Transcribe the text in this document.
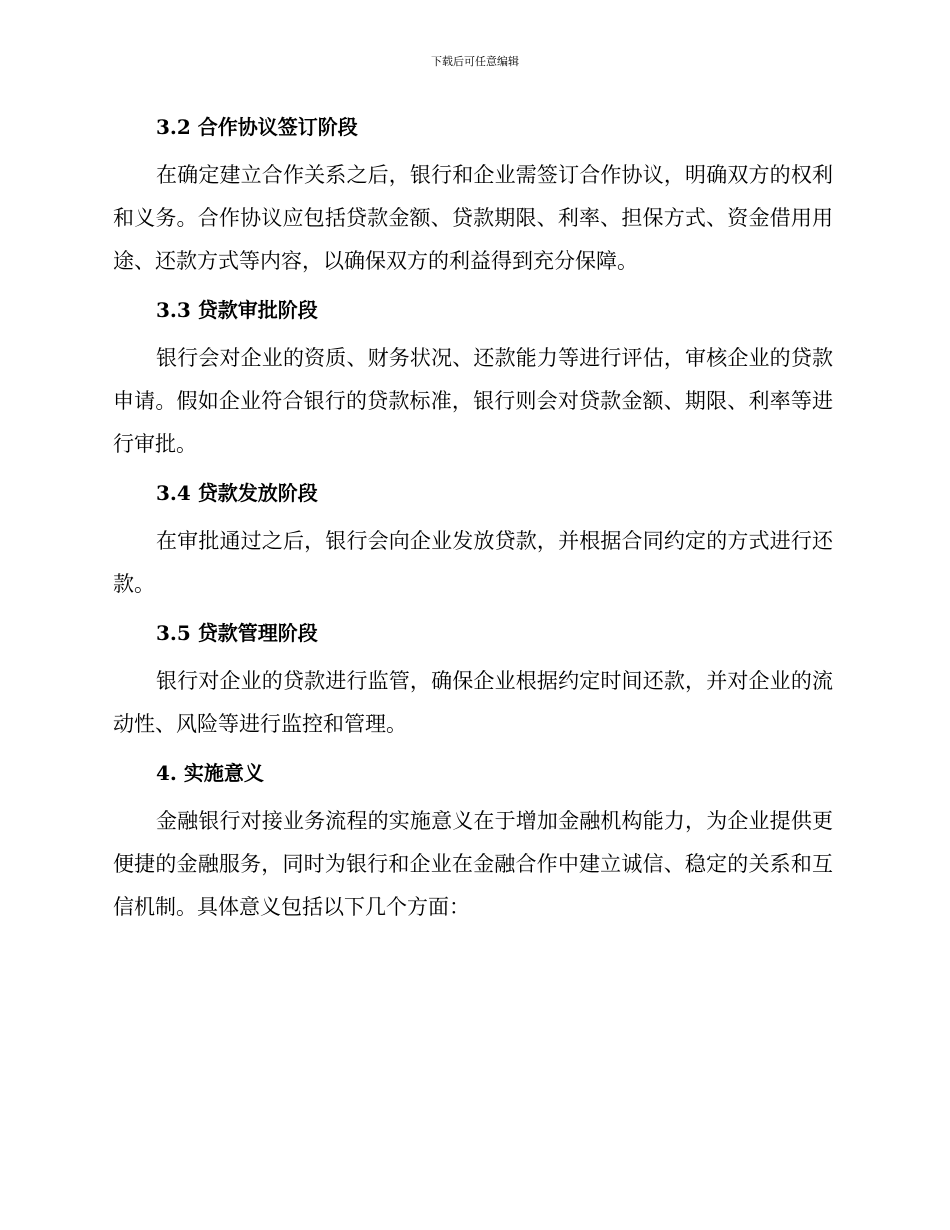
下载后可任意编辑
3.2 合作协议签订阶段

在确定建立合作关系之后，银行和企业需签订合作协议，明确双方的权利和义务。合作协议应包括贷款金额、贷款期限、利率、担保方式、资金借用用途、还款方式等内容，以确保双方的利益得到充分保障。

3.3 贷款审批阶段

银行会对企业的资质、财务状况、还款能力等进行评估，审核企业的贷款申请。假如企业符合银行的贷款标准，银行则会对贷款金额、期限、利率等进行审批。

3.4 贷款发放阶段

在审批通过之后，银行会向企业发放贷款，并根据合同约定的方式进行还款。

3.5 贷款管理阶段

银行对企业的贷款进行监管，确保企业根据约定时间还款，并对企业的流动性、风险等进行监控和管理。

4. 实施意义

金融银行对接业务流程的实施意义在于增加金融机构能力，为企业提供更便捷的金融服务，同时为银行和企业在金融合作中建立诚信、稳定的关系和互信机制。具体意义包括以下几个方面：
